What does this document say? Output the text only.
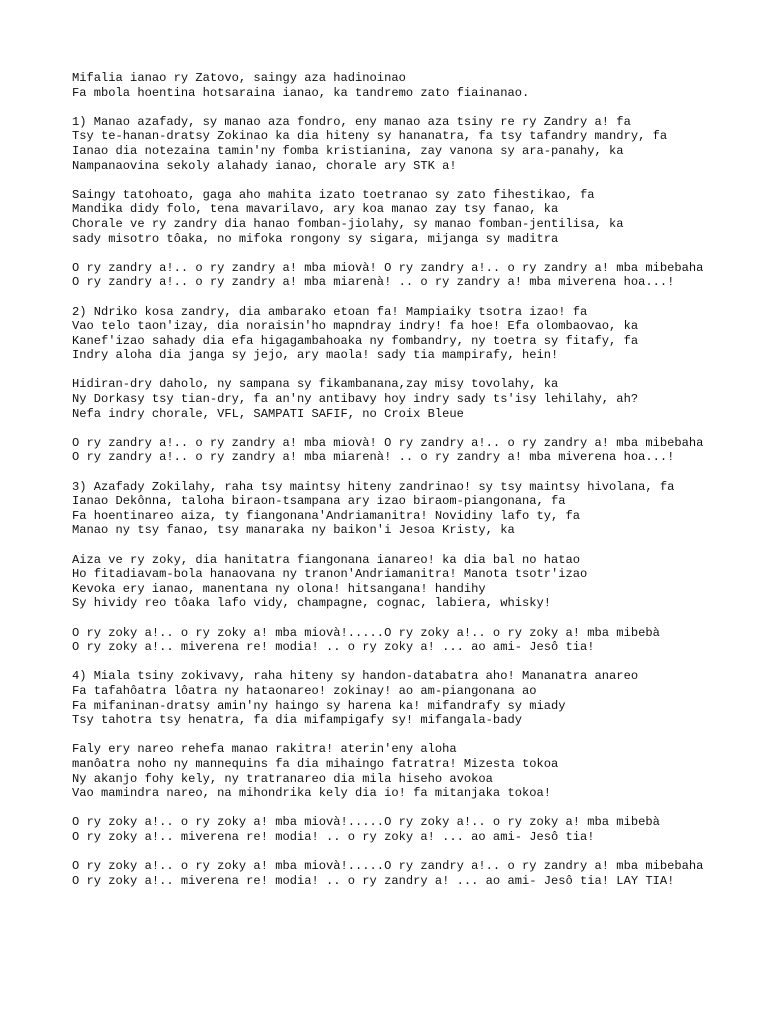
Mifalia ianao ry Zatovo, saingy aza hadinoinao
Fa mbola hoentina hotsaraina ianao, ka tandremo zato fiainanao.
1) Manao azafady, sy manao aza fondro, eny manao aza tsiny re ry Zandry a! fa
Tsy te-hanan-dratsy Zokinao ka dia hiteny sy hananatra, fa tsy tafandry mandry, fa
Ianao dia notezaina tamin'ny fomba kristianina, zay vanona sy ara-panahy, ka
Nampanaovina sekoly alahady ianao, chorale ary STK a!
Saingy tatohoato, gaga aho mahita izato toetranao sy zato fihestikao, fa
Mandika didy folo, tena mavarilavo, ary koa manao zay tsy fanao, ka
Chorale ve ry zandry dia hanao fomban-jiolahy, sy manao fomban-jentilisa, ka
sady misotro tôaka, no mifoka rongony sy sigara, mijanga sy maditra
O ry zandry a!.. o ry zandry a! mba miovà! O ry zandry a!.. o ry zandry a! mba mibebaha
O ry zandry a!.. o ry zandry a! mba miarenà! .. o ry zandry a! mba miverena hoa...!
2) Ndriko kosa zandry, dia ambarako etoan fa! Mampiaiky tsotra izao! fa
Vao telo taon'izay, dia noraisin'ho mapndray indry! fa hoe! Efa olombaovao, ka
Kanef'izao sahady dia efa higagambahoaka ny fombandry, ny toetra sy fitafy, fa
Indry aloha dia janga sy jejo, ary maola! sady tia mampirafy, hein!
Hidiran-dry daholo, ny sampana sy fikambanana,zay misy tovolahy, ka
Ny Dorkasy tsy tian-dry, fa an'ny antibavy hoy indry sady ts'isy lehilahy, ah?
Nefa indry chorale, VFL, SAMPATI SAFIF, no Croix Bleue
O ry zandry a!.. o ry zandry a! mba miovà! O ry zandry a!.. o ry zandry a! mba mibebaha
O ry zandry a!.. o ry zandry a! mba miarenà! .. o ry zandry a! mba miverena hoa...!
3) Azafady Zokilahy, raha tsy maintsy hiteny zandrinao! sy tsy maintsy hivolana, fa
Ianao Dekônna, taloha biraon-tsampana ary izao biraom-piangonana, fa
Fa hoentinareo aiza, ty fiangonana'Andriamanitra! Novidiny lafo ty, fa
Manao ny tsy fanao, tsy manaraka ny baikon'i Jesoa Kristy, ka
Aiza ve ry zoky, dia hanitatra fiangonana ianareo! ka dia bal no hatao
Ho fitadiavam-bola hanaovana ny tranon'Andriamanitra! Manota tsotr'izao
Kevoka ery ianao, manentana ny olona! hitsangana! handihy
Sy hividy reo tôaka lafo vidy, champagne, cognac, labiera, whisky!
O ry zoky a!.. o ry zoky a! mba miovà!.....O ry zoky a!.. o ry zoky a! mba mibebà
O ry zoky a!.. miverena re! modia! .. o ry zoky a! ... ao ami- Jesô tia!
4) Miala tsiny zokivavy, raha hiteny sy handon-databatra aho! Mananatra anareo
Fa tafahôatra lôatra ny hataonareo! zokinay! ao am-piangonana ao
Fa mifaninan-dratsy amin'ny haingo sy harena ka! mifandrafy sy miady
Tsy tahotra tsy henatra, fa dia mifampigafy sy! mifangala-bady
Faly ery nareo rehefa manao rakitra! aterin'eny aloha
manôatra noho ny mannequins fa dia mihaingo fatratra! Mizesta tokoa
Ny akanjo fohy kely, ny tratranareo dia mila hiseho avokoa
Vao mamindra nareo, na mihondrika kely dia io! fa mitanjaka tokoa!
O ry zoky a!.. o ry zoky a! mba miovà!.....O ry zoky a!.. o ry zoky a! mba mibebà
O ry zoky a!.. miverena re! modia! .. o ry zoky a! ... ao ami- Jesô tia!
O ry zoky a!.. o ry zoky a! mba miovà!.....O ry zandry a!.. o ry zandry a! mba mibebaha
O ry zoky a!.. miverena re! modia! .. o ry zandry a! ... ao ami- Jesô tia! LAY TIA!
